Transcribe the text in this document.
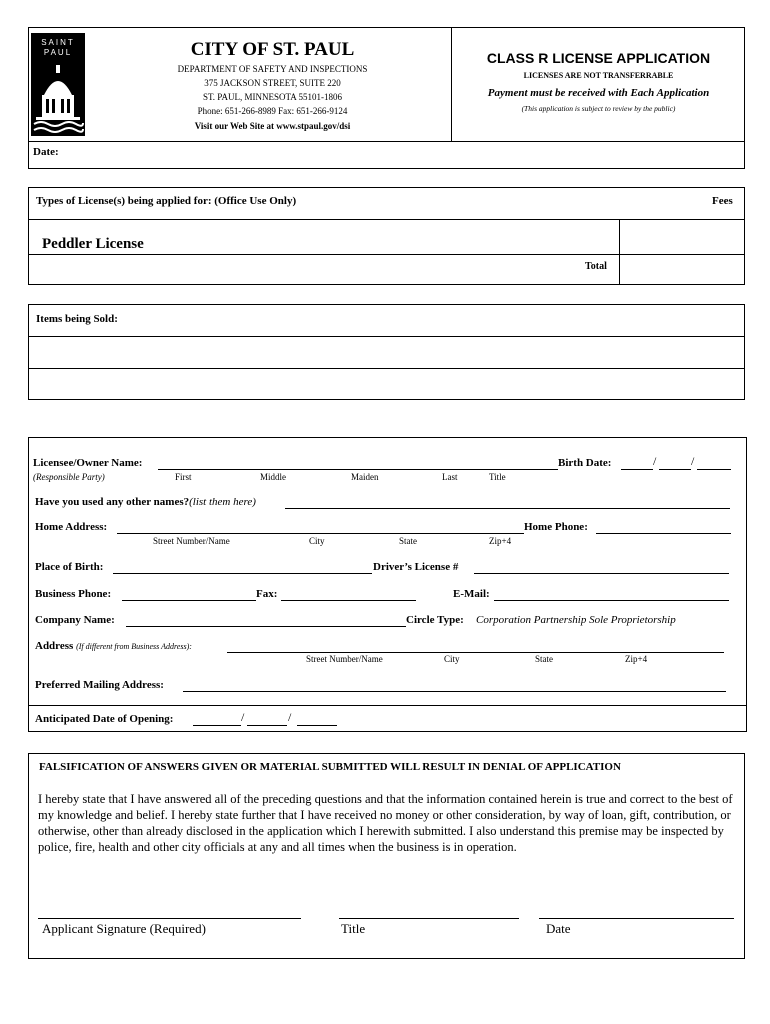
SAINT
PAUL	CITY OF ST. PAUL
DEPARTMENT OF SAFETY AND INSPECTIONS
375 JACKSON STREET, SUITE 220
ST. PAUL, MINNESOTA 55101-1806
Phone: 651-266-8989 Fax: 651-266-9124
Visit our Web Site at www.stpaul.gov/dsi
CLASS R LICENSE APPLICATION
LICENSES ARE NOT TRANSFERRABLE
Payment must be received with Each Application
(This application is subject to review by the public)
Date:
Types of License(s) being applied for: (Office Use Only)	Fees
Peddler License
Total
Items being Sold:
Licensee/Owner Name:	Birth Date:	/	/
(Responsible Party)	First	Middle	Maiden	Last	Title
Have you used any other names?(list them here)
Home Address:	Home Phone:
Street Number/Name	City	State	Zip+4
Place of Birth:	Driver’s License #
Business Phone:	Fax:	E-Mail:
Company Name:	Circle Type: Corporation Partnership Sole Proprietorship
Address (If different from Business Address):
Street Number/Name	City	State	Zip+4
Preferred Mailing Address:
Anticipated Date of Opening:	/	/
FALSIFICATION OF ANSWERS GIVEN OR MATERIAL SUBMITTED WILL RESULT IN DENIAL OF APPLICATION
I hereby state that I have answered all of the preceding questions and that the information contained herein is true and correct to the best of my knowledge and belief. I hereby state further that I have received no money or other consideration, by way of loan, gift, contribution, or otherwise, other than already disclosed in the application which I herewith submitted. I also understand this premise may be inspected by police, fire, health and other city officials at any and all times when the business is in operation.
Applicant Signature (Required)	Title	Date
